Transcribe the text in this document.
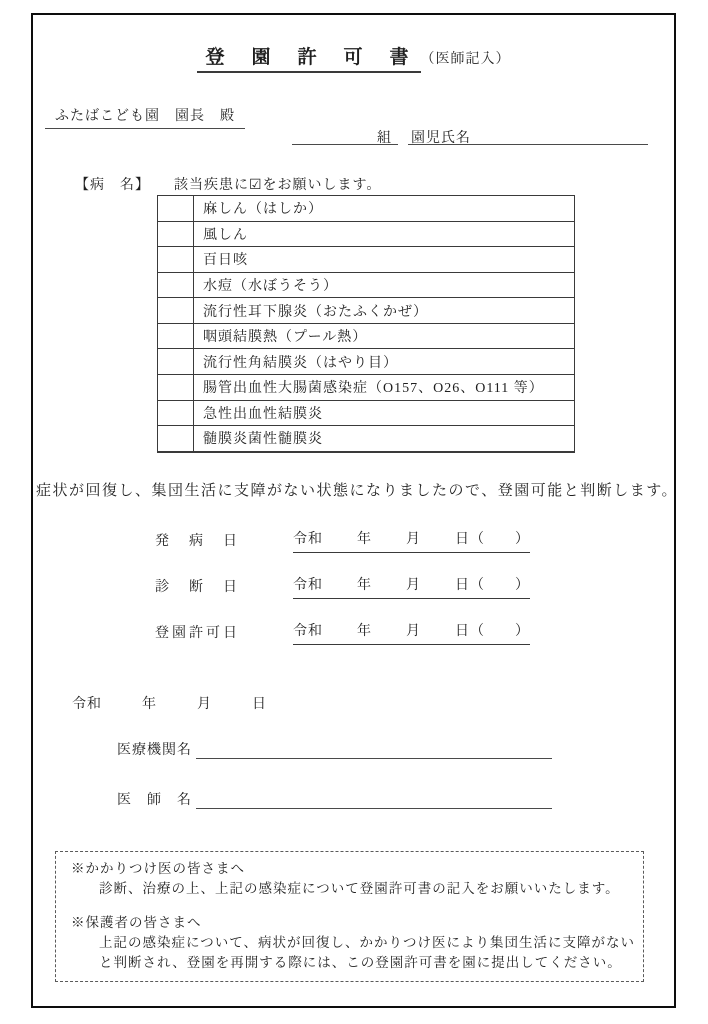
登　園　許　可　書 （医師記入）
ふたばこども園　園長　殿
組	園児氏名
【病　名】 該当疾患に☑をお願いします。
	麻しん（はしか）
	風しん
	百日咳
	水痘（水ぼうそう）
	流行性耳下腺炎（おたふくかぜ）
	咽頭結膜熱（プール熱）
	流行性角結膜炎（はやり目）
	腸管出血性大腸菌感染症（O157、O26、O111 等）
	急性出血性結膜炎
	髄膜炎菌性髄膜炎

症状が回復し、集団生活に支障がない状態になりましたので、登園可能と判断します。
発　病　日	令和 年 月 日（　　）
診　断　日	令和 年 月 日（　　）
登園許可日	令和 年 月 日（　　）
令和	年	月	日
医療機関名
医　師　名
※かかりつけ医の皆さまへ
診断、治療の上、上記の感染症について登園許可書の記入をお願いいたします。
※保護者の皆さまへ
上記の感染症について、病状が回復し、かかりつけ医により集団生活に支障がない
と判断され、登園を再開する際には、この登園許可書を園に提出してください。
